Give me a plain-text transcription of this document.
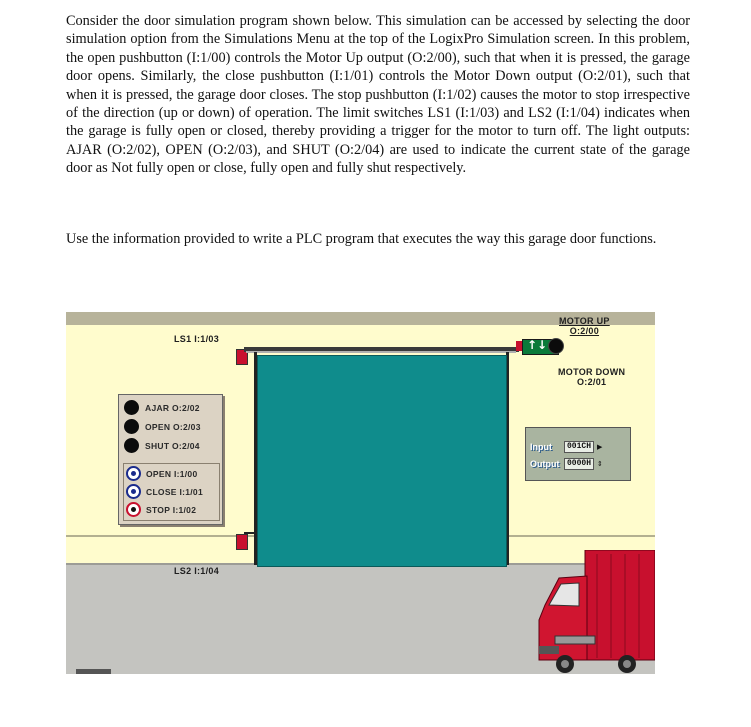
Consider the door simulation program shown below. This simulation can be accessed by selecting the door simulation option from the Simulations Menu at the top of the LogixPro Simulation screen. In this problem, the open pushbutton (I:1/00) controls the Motor Up output (O:2/00), such that when it is pressed, the garage door opens. Similarly, the close pushbutton (I:1/01) controls the Motor Down output (O:2/01), such that when it is pressed, the garage door closes. The stop pushbutton (I:1/02) causes the motor to stop irrespective of the direction (up or down) of operation. The limit switches LS1 (I:1/03) and LS2 (I:1/04) indicates when the garage is fully open or closed, thereby providing a trigger for the motor to turn off. The light outputs: AJAR (O:2/02), OPEN (O:2/03), and SHUT (O:2/04) are used to indicate the current state of the garage door as Not fully open or close, fully open and fully shut respectively.

Use the information provided to write a PLC program that executes the way this garage door functions.

LS1 I:1/03
LS2 I:1/04
MOTOR UP
O:2/00
↑↓
MOTOR DOWN
O:2/01
AJAR O:2/02
OPEN O:2/03
SHUT O:2/04
OPEN I:1/00
CLOSE I:1/01
STOP I:1/02
Input	001CH ▶
Output 0000H ⇕
